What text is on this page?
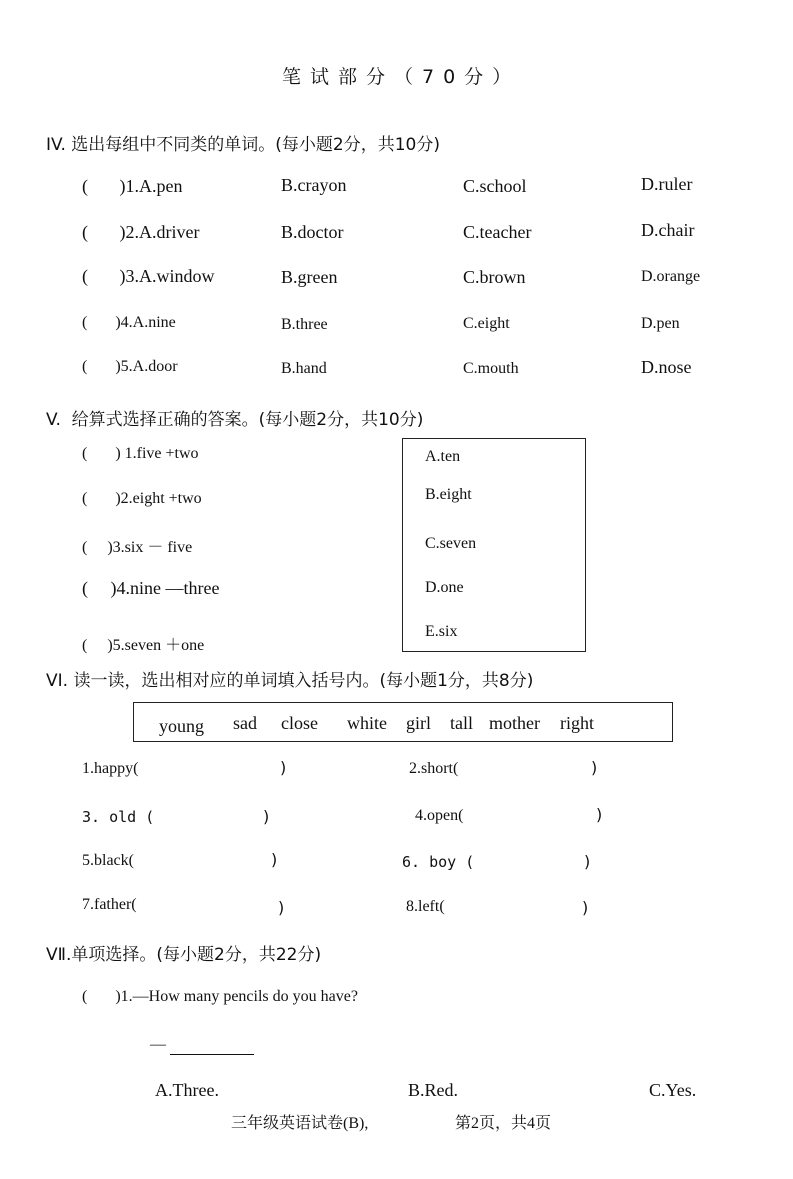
笔试部分（70分）
IV. 选出每组中不同类的单词。(每小题2分，共10分)
(       )1.A.pen	B.crayon	C.school	D.ruler
(       )2.A.driver	B.doctor	C.teacher	D.chair
(       )3.A.window	B.green	C.brown	D.orange
(       )4.A.nine	B.three	C.eight	D.pen
(       )5.A.door	B.hand	C.mouth	D.nose
V.  给算式选择正确的答案。(每小题2分，共10分)
(       ) 1.five +two
(       )2.eight +two
(     )3.six － five
(     )4.nine —three
(     )5.seven ＋one
A.ten
B.eight
C.seven
D.one
E.six
VI. 读一读，选出相对应的单词填入括号内。(每小题1分，共8分)
young sad close white girl tall mother right
1.happy(	)	2.short(	)
3. old (	)	4.open(	)
5.black(	)	6. boy (	)
7.father(	)	8.left(	)
VⅡ.单项选择。(每小题2分，共22分)
(       )1.—How many pencils do you have?
—
A.Three.	B.Red.	C.Yes.
三年级英语试卷(B),	第2页，共4页
